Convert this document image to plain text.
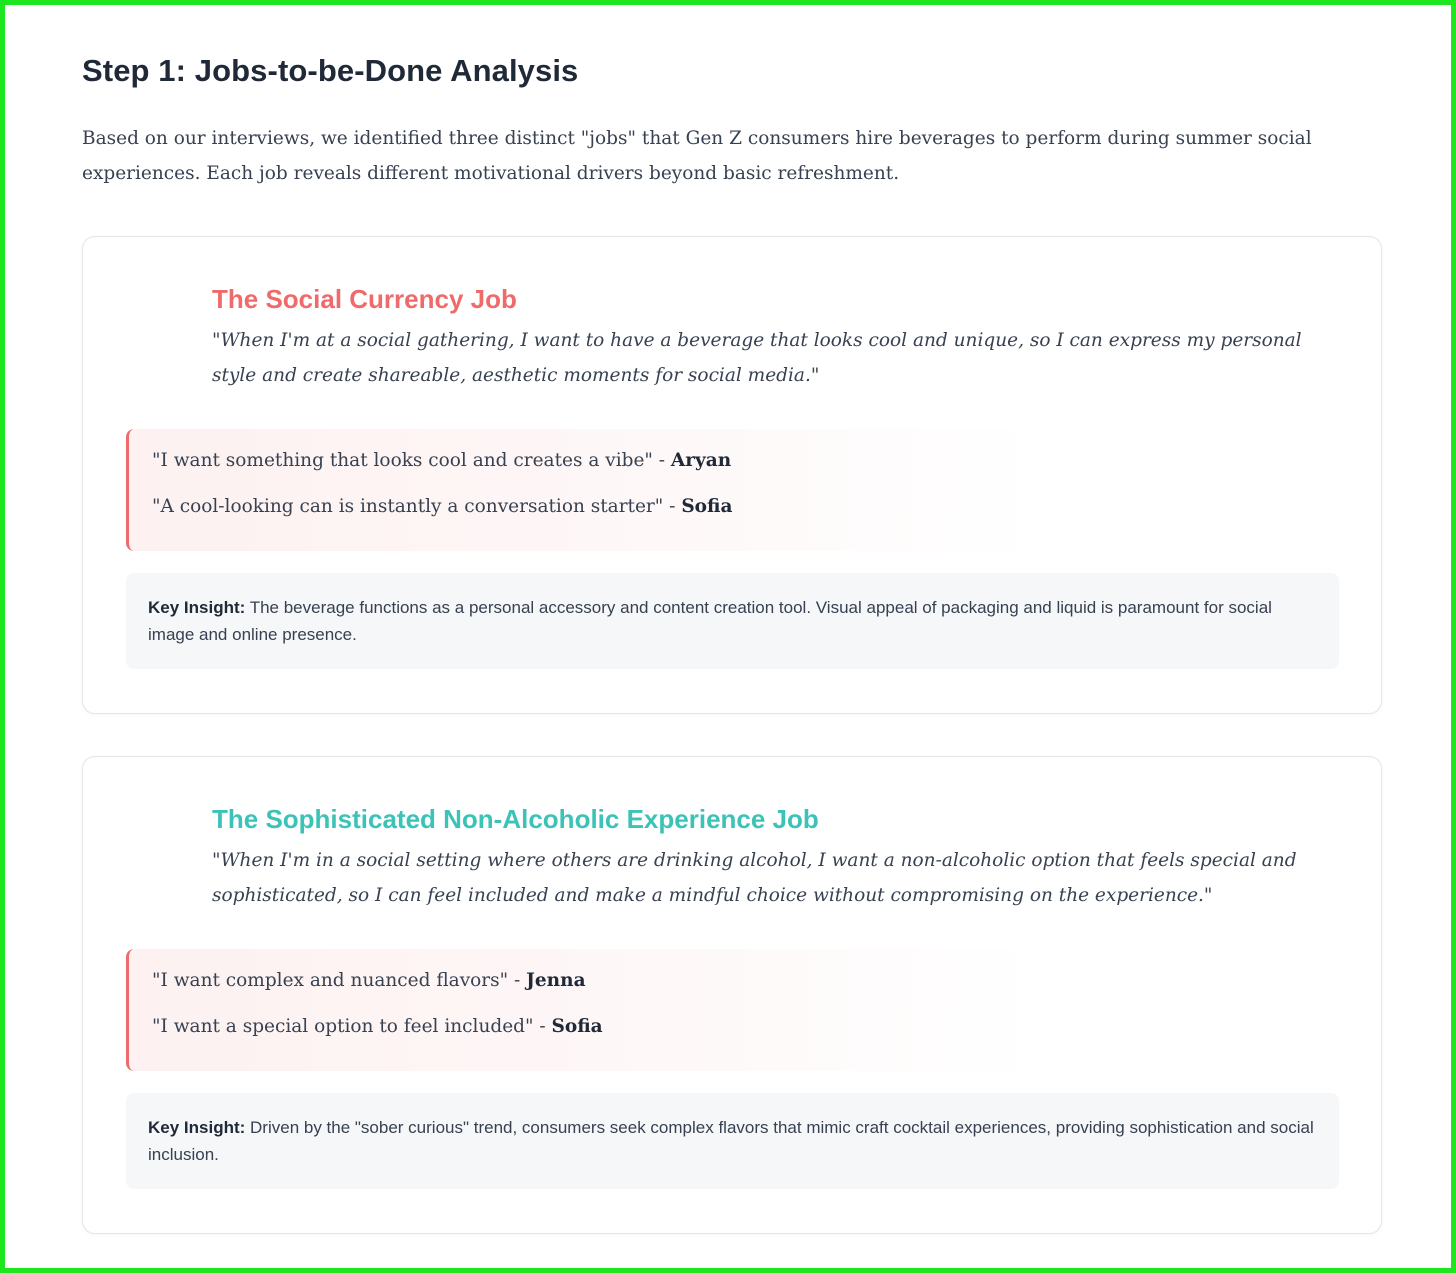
Step 1: Jobs-to-be-Done Analysis

Based on our interviews, we identified three distinct "jobs" that Gen Z consumers hire beverages to perform during summer social experiences. Each job reveals different motivational drivers beyond basic refreshment.

The Social Currency Job

"When I'm at a social gathering, I want to have a beverage that looks cool and unique, so I can express my personal style and create shareable, aesthetic moments for social media."

"I want something that looks cool and creates a vibe" - Aryan

"A cool-looking can is instantly a conversation starter" - Sofia

Key Insight: The beverage functions as a personal accessory and content creation tool. Visual appeal of packaging and liquid is paramount for social image and online presence.
The Sophisticated Non-Alcoholic Experience Job

"When I'm in a social setting where others are drinking alcohol, I want a non-alcoholic option that feels special and sophisticated, so I can feel included and make a mindful choice without compromising on the experience."

"I want complex and nuanced flavors" - Jenna

"I want a special option to feel included" - Sofia

Key Insight: Driven by the "sober curious" trend, consumers seek complex flavors that mimic craft cocktail experiences, providing sophistication and social inclusion.
